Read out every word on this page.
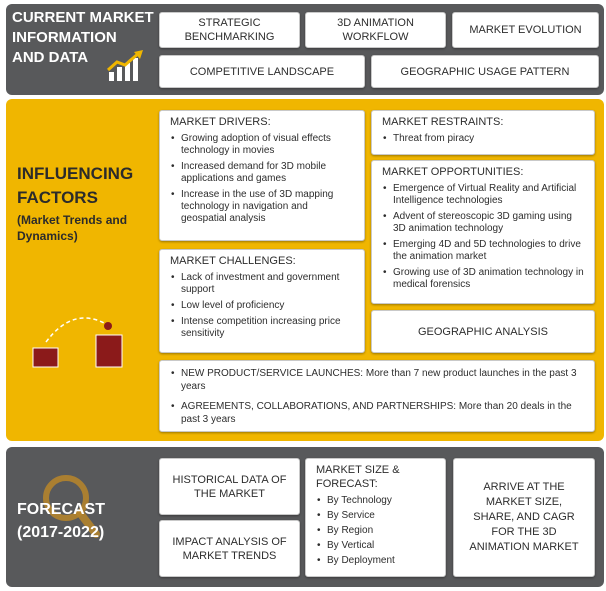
CURRENT MARKET
INFORMATION
AND DATA
STRATEGIC BENCHMARKING
3D ANIMATION WORKFLOW
MARKET EVOLUTION
COMPETITIVE LANDSCAPE	GEOGRAPHIC USAGE PATTERN
INFLUENCING
FACTORS
(Market Trends and
Dynamics)
MARKET DRIVERS:
• Growing adoption of visual effects technology in movies
• Increased demand for 3D mobile applications and games
• Increase in the use of 3D mapping technology in navigation and geospatial analysis
MARKET RESTRAINTS:
• Threat from piracy
MARKET OPPORTUNITIES:
• Emergence of Virtual Reality and Artificial Intelligence technologies
• Advent of stereoscopic 3D gaming using 3D animation technology
• Emerging 4D and 5D technologies to drive the animation market
• Growing use of 3D animation technology in medical forensics
MARKET CHALLENGES:
• Lack of investment and government support
• Low level of proficiency
• Intense competition increasing price sensitivity	GEOGRAPHIC ANALYSIS
• NEW PRODUCT/SERVICE LAUNCHES: More than 7 new product launches in the past 3 years
• AGREEMENTS, COLLABORATIONS, AND PARTNERSHIPS: More than 20 deals in the past 3 years
FORECAST
(2017-2022)
HISTORICAL DATA OF THE MARKET
IMPACT ANALYSIS OF MARKET TRENDS
MARKET SIZE &
FORECAST:
• By Technology
• By Service
• By Region
• By Vertical
• By Deployment
ARRIVE AT THE MARKET SIZE, SHARE, AND CAGR FOR THE 3D ANIMATION MARKET
